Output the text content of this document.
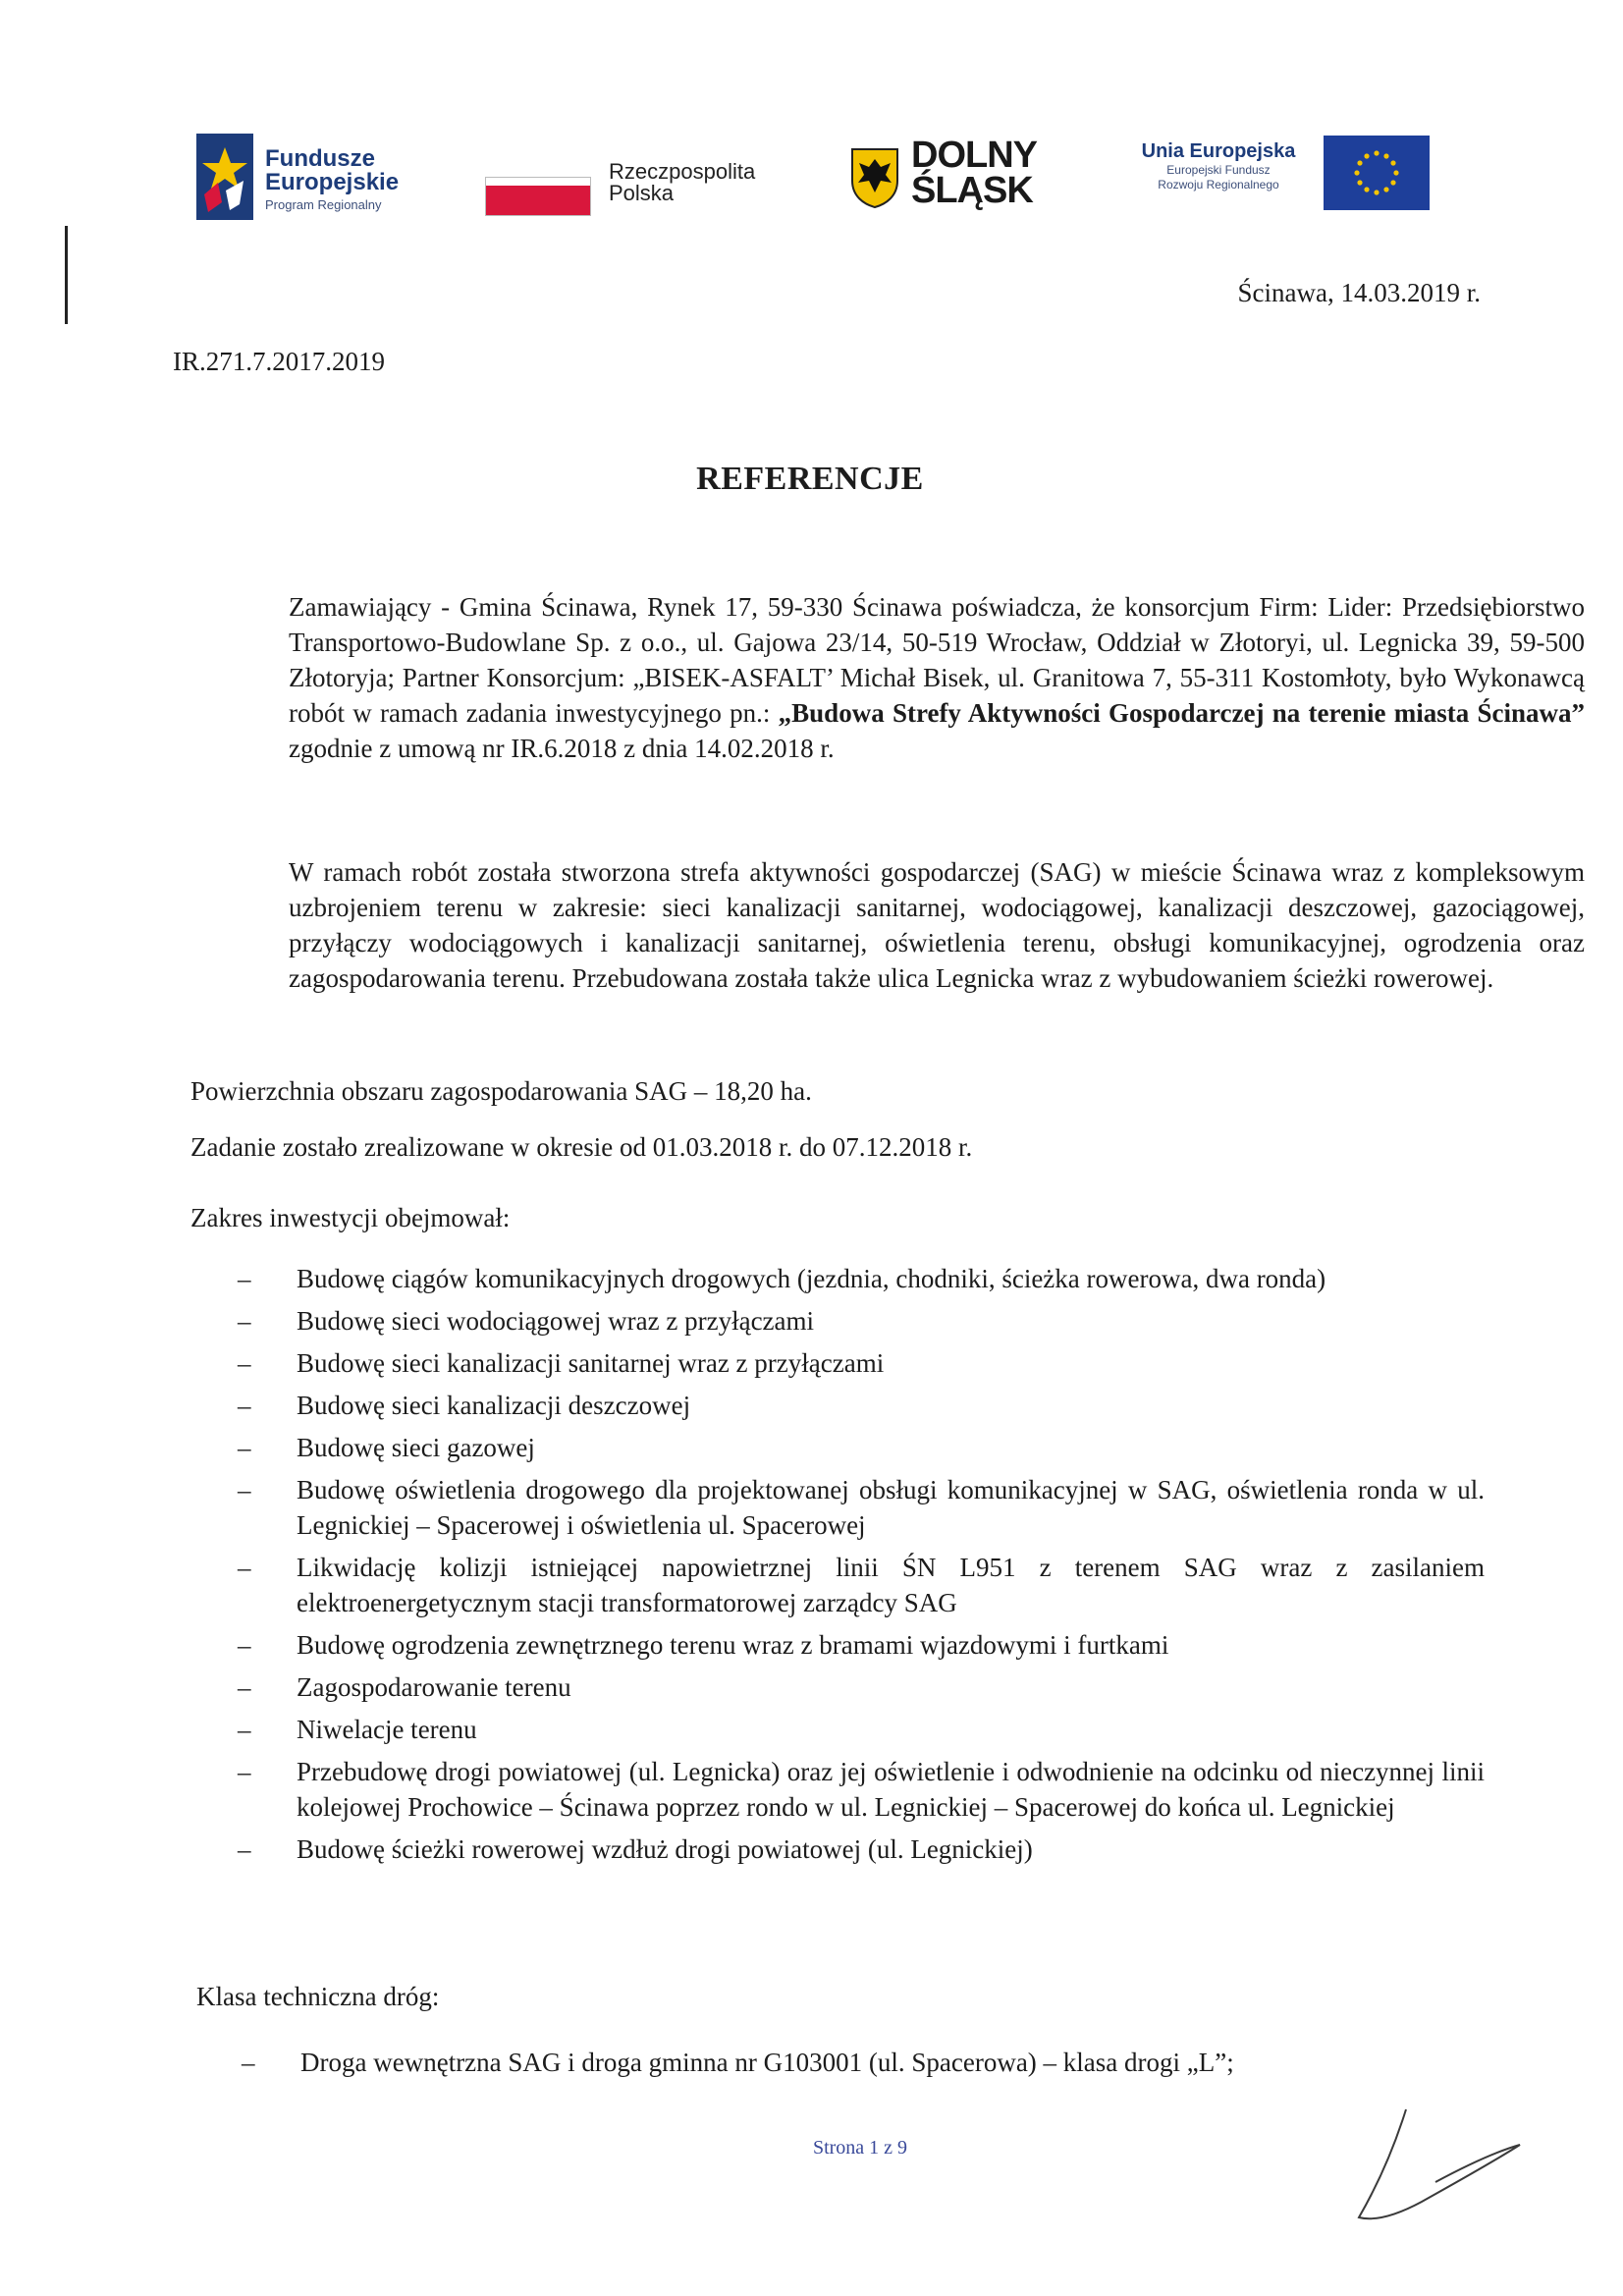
Fundusze
Europejskie
Program Regionalny
Rzeczpospolita
Polska
DOLNY
ŚLĄSK
Unia Europejska
Europejski Fundusz
Rozwoju Regionalnego

Ścinawa, 14.03.2019 r.

IR.271.7.2017.2019

REFERENCJE

Zamawiający - Gmina Ścinawa, Rynek 17, 59-330 Ścinawa poświadcza, że konsorcjum Firm: Lider: Przedsiębiorstwo Transportowo-Budowlane Sp. z o.o., ul. Gajowa 23/14, 50-519 Wrocław, Oddział w Złotoryi, ul. Legnicka 39, 59-500 Złotoryja; Partner Konsorcjum: „BISEK-ASFALT’ Michał Bisek, ul. Granitowa 7, 55-311 Kostomłoty, było Wykonawcą robót w ramach zadania inwestycyjnego pn.: „Budowa Strefy Aktywności Gospodarczej na terenie miasta Ścinawa” zgodnie z umową nr IR.6.2018 z dnia 14.02.2018 r.

W ramach robót została stworzona strefa aktywności gospodarczej (SAG) w mieście Ścinawa wraz z kompleksowym uzbrojeniem terenu w zakresie: sieci kanalizacji sanitarnej, wodociągowej, kanalizacji deszczowej, gazociągowej, przyłączy wodociągowych i kanalizacji sanitarnej, oświetlenia terenu, obsługi komunikacyjnej, ogrodzenia oraz zagospodarowania terenu. Przebudowana została także ulica Legnicka wraz z wybudowaniem ścieżki rowerowej.

Powierzchnia obszaru zagospodarowania SAG – 18,20 ha.

Zadanie zostało zrealizowane w okresie od 01.03.2018 r. do 07.12.2018 r.

Zakres inwestycji obejmował:

– Budowę ciągów komunikacyjnych drogowych (jezdnia, chodniki, ścieżka rowerowa, dwa ronda)
– Budowę sieci wodociągowej wraz z przyłączami
– Budowę sieci kanalizacji sanitarnej wraz z przyłączami
– Budowę sieci kanalizacji deszczowej
– Budowę sieci gazowej
– Budowę oświetlenia drogowego dla projektowanej obsługi komunikacyjnej w SAG, oświetlenia ronda w ul. Legnickiej – Spacerowej i oświetlenia ul. Spacerowej
– Likwidację kolizji istniejącej napowietrznej linii ŚN L951 z terenem SAG wraz z zasilaniem elektroenergetycznym stacji transformatorowej zarządcy SAG
– Budowę ogrodzenia zewnętrznego terenu wraz z bramami wjazdowymi i furtkami
– Zagospodarowanie terenu
– Niwelacje terenu
– Przebudowę drogi powiatowej (ul. Legnicka) oraz jej oświetlenie i odwodnienie na odcinku od nieczynnej linii kolejowej Prochowice – Ścinawa poprzez rondo w ul. Legnickiej – Spacerowej do końca ul. Legnickiej
– Budowę ścieżki rowerowej wzdłuż drogi powiatowej (ul. Legnickiej)

Klasa techniczna dróg:

– Droga wewnętrzna SAG i droga gminna nr G103001 (ul. Spacerowa) – klasa drogi „L”;
Strona 1 z 9
